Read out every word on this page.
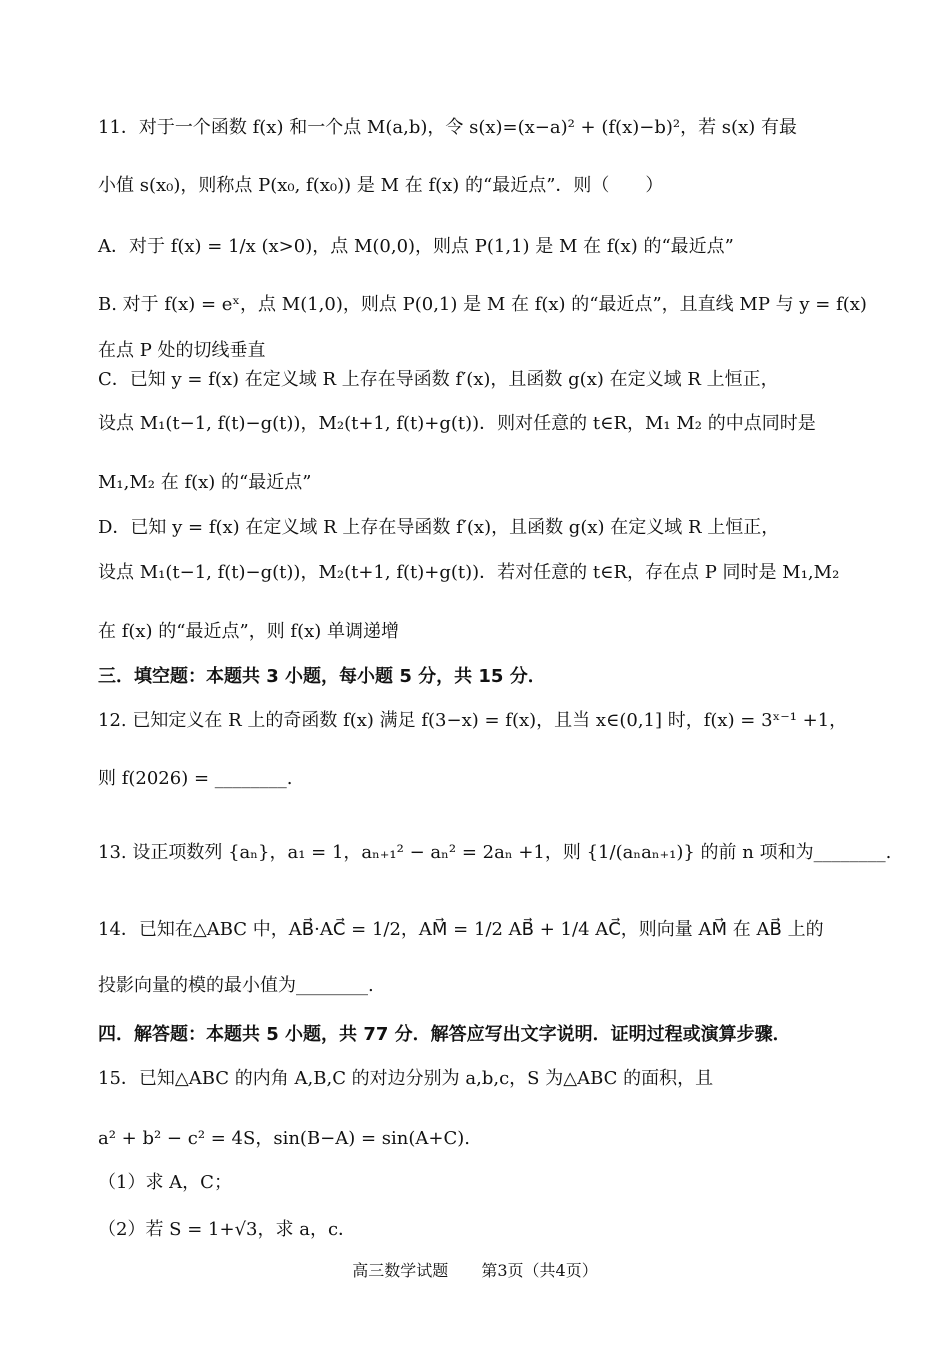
11．对于一个函数 f(x) 和一个点 M(a,b)，令 s(x)=(x−a)² + (f(x)−b)²，若 s(x) 有最
小值 s(x₀)，则称点 P(x₀, f(x₀)) 是 M 在 f(x) 的“最近点”．则（　　）
A．对于 f(x) = 1/x (x>0)，点 M(0,0)，则点 P(1,1) 是 M 在 f(x) 的“最近点”
B. 对于 f(x) = eˣ，点 M(1,0)，则点 P(0,1) 是 M 在 f(x) 的“最近点”，且直线 MP 与 y = f(x)
在点 P 处的切线垂直
C．已知 y = f(x) 在定义域 R 上存在导函数 f′(x)，且函数 g(x) 在定义域 R 上恒正，
设点 M₁(t−1, f(t)−g(t))，M₂(t+1, f(t)+g(t))．则对任意的 t∈R，M₁ M₂ 的中点同时是
M₁,M₂ 在 f(x) 的“最近点”
D．已知 y = f(x) 在定义域 R 上存在导函数 f′(x)，且函数 g(x) 在定义域 R 上恒正，
设点 M₁(t−1, f(t)−g(t))，M₂(t+1, f(t)+g(t))．若对任意的 t∈R，存在点 P 同时是 M₁,M₂
在 f(x) 的“最近点”，则 f(x) 单调递增
三．填空题：本题共 3 小题，每小题 5 分，共 15 分．
12. 已知定义在 R 上的奇函数 f(x) 满足 f(3−x) = f(x)，且当 x∈(0,1] 时，f(x) = 3ˣ⁻¹ +1，
则 f(2026) = ________.
13. 设正项数列 {aₙ}，a₁ = 1，aₙ₊₁² − aₙ² = 2aₙ +1，则 {1/(aₙaₙ₊₁)} 的前 n 项和为________.
14．已知在△ABC 中，AB⃗·AC⃗ = 1/2，AM⃗ = 1/2 AB⃗ + 1/4 AC⃗，则向量 AM⃗ 在 AB⃗ 上的
投影向量的模的最小值为________.
四．解答题：本题共 5 小题，共 77 分．解答应写出文字说明．证明过程或演算步骤．
15．已知△ABC 的内角 A,B,C 的对边分别为 a,b,c，S 为△ABC 的面积，且
a² + b² − c² = 4S，sin(B−A) = sin(A+C).
（1）求 A，C；
（2）若 S = 1+√3，求 a，c．
高三数学试题 第3页（共4页）
